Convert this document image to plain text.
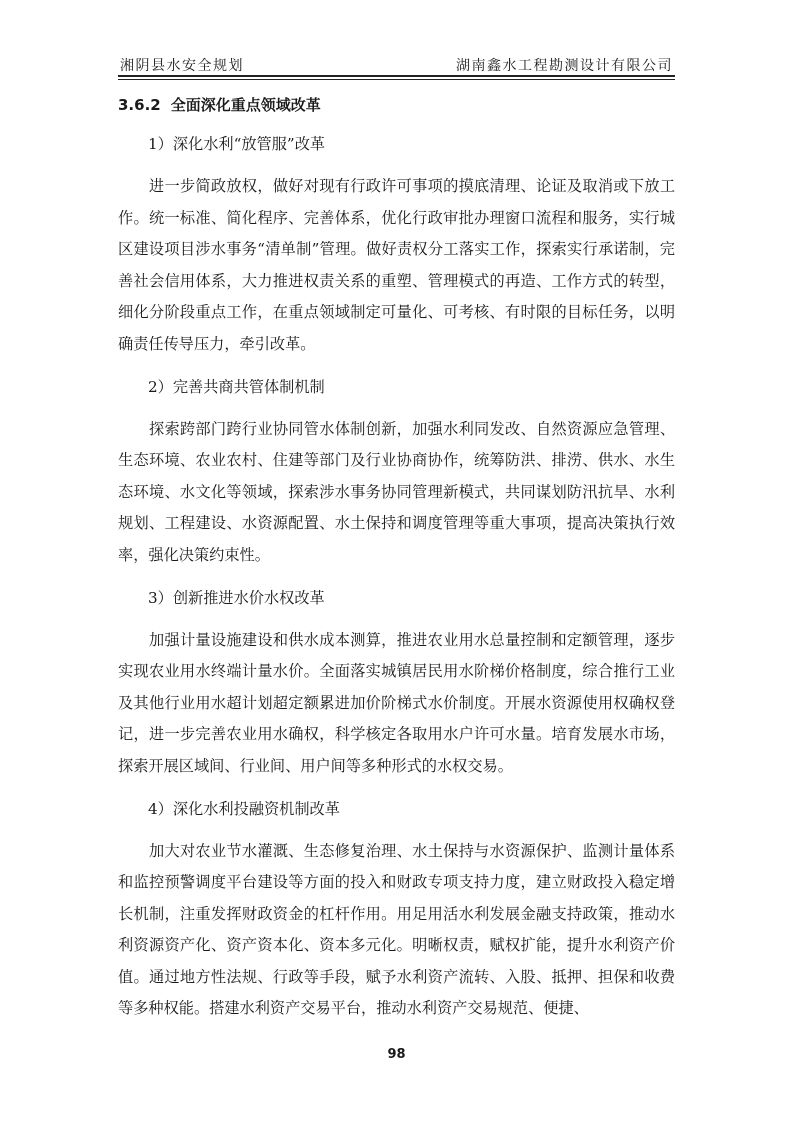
湘阴县水安全规划	湖南鑫水工程勘测设计有限公司
3.6.2 全面深化重点领域改革

1）深化水利“放管服”改革

进一步简政放权，做好对现有行政许可事项的摸底清理、论证及取消或下放工作。统一标准、简化程序、完善体系，优化行政审批办理窗口流程和服务，实行城区建设项目涉水事务“清单制”管理。做好责权分工落实工作，探索实行承诺制，完善社会信用体系，大力推进权责关系的重塑、管理模式的再造、工作方式的转型，细化分阶段重点工作，在重点领域制定可量化、可考核、有时限的目标任务，以明确责任传导压力，牵引改革。

2）完善共商共管体制机制

探索跨部门跨行业协同管水体制创新，加强水利同发改、自然资源应急管理、生态环境、农业农村、住建等部门及行业协商协作，统筹防洪、排涝、供水、水生态环境、水文化等领域，探索涉水事务协同管理新模式，共同谋划防汛抗旱、水利规划、工程建设、水资源配置、水土保持和调度管理等重大事项，提高决策执行效率，强化决策约束性。

3）创新推进水价水权改革

加强计量设施建设和供水成本测算，推进农业用水总量控制和定额管理，逐步实现农业用水终端计量水价。全面落实城镇居民用水阶梯价格制度，综合推行工业及其他行业用水超计划超定额累进加价阶梯式水价制度。开展水资源使用权确权登记，进一步完善农业用水确权，科学核定各取用水户许可水量。培育发展水市场，探索开展区域间、行业间、用户间等多种形式的水权交易。

4）深化水利投融资机制改革

加大对农业节水灌溉、生态修复治理、水土保持与水资源保护、监测计量体系和监控预警调度平台建设等方面的投入和财政专项支持力度，建立财政投入稳定增长机制，注重发挥财政资金的杠杆作用。用足用活水利发展金融支持政策，推动水利资源资产化、资产资本化、资本多元化。明晰权责，赋权扩能，提升水利资产价值。通过地方性法规、行政等手段，赋予水利资产流转、入股、抵押、担保和收费等多种权能。搭建水利资产交易平台，推动水利资产交易规范、便捷、

98
